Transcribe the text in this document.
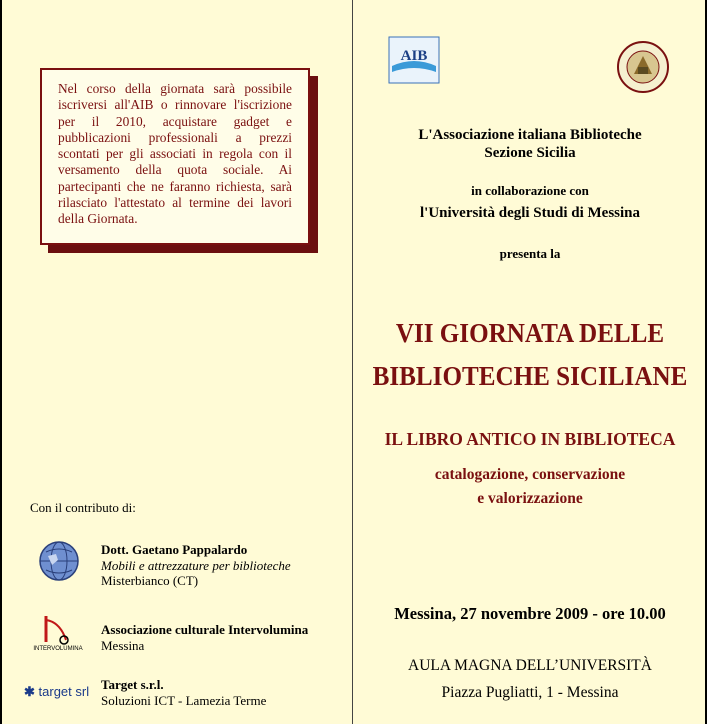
Nel corso della giornata sarà possibile iscriversi all'AIB o rinnovare l'iscrizione per il 2010, acquistare gadget e pubblicazioni professionali a prezzi scontati per gli associati in regola con il versamento della quota sociale. Ai partecipanti che ne faranno richiesta, sarà rilasciato l'attestato al termine dei lavori della Giornata.
Con il contributo di:
Dott. Gaetano Pappalardo
Mobili e attrezzature per biblioteche
Misterbianco (CT)
INTERVOLUMINA
Associazione culturale Intervolumina
Messina
✱ target srl Target s.r.l.
Soluzioni ICT - Lamezia Terme
AIB
L'Associazione italiana Biblioteche
Sezione Sicilia
in collaborazione con
l'Università degli Studi di Messina
presenta la
VII GIORNATA DELLE
BIBLIOTECHE SICILIANE
IL LIBRO ANTICO IN BIBLIOTECA
catalogazione, conservazione
e valorizzazione
Messina, 27 novembre 2009 - ore 10.00
AULA MAGNA DELL’UNIVERSITÀ
Piazza Pugliatti, 1 - Messina
